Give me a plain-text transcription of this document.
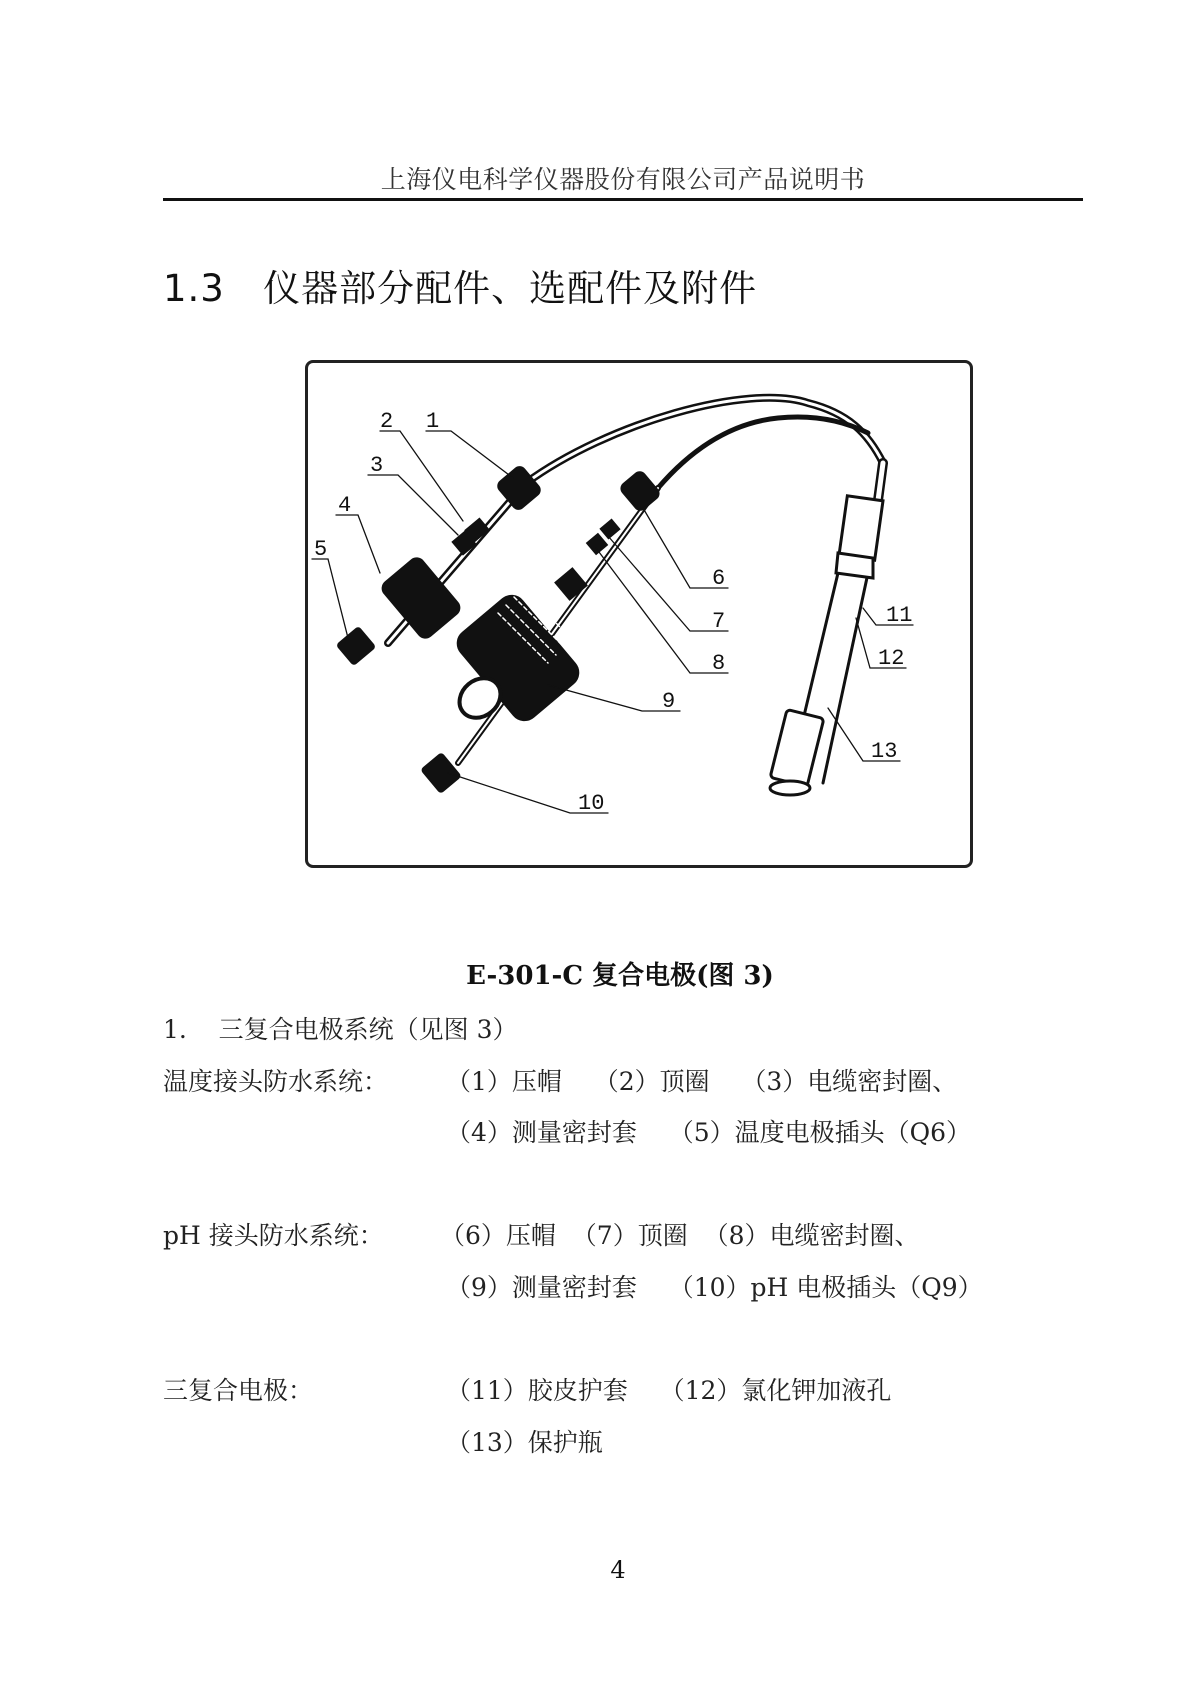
上海仪电科学仪器股份有限公司产品说明书
1.3 仪器部分配件、选配件及附件
2 1
3
4
5
6
7
8
9
10
11
12
13
E-301-C 复合电极(图 3)
1.    三复合电极系统（见图 3）
温度接头防水系统： （1）压帽    （2）顶圈    （3）电缆密封圈、
（4）测量密封套    （5）温度电极插头（Q6）
pH 接头防水系统： （6）压帽  （7）顶圈  （8）电缆密封圈、
（9）测量密封套    （10）pH 电极插头（Q9）
三复合电极：	（11）胶皮护套    （12）氯化钾加液孔
（13）保护瓶
4
